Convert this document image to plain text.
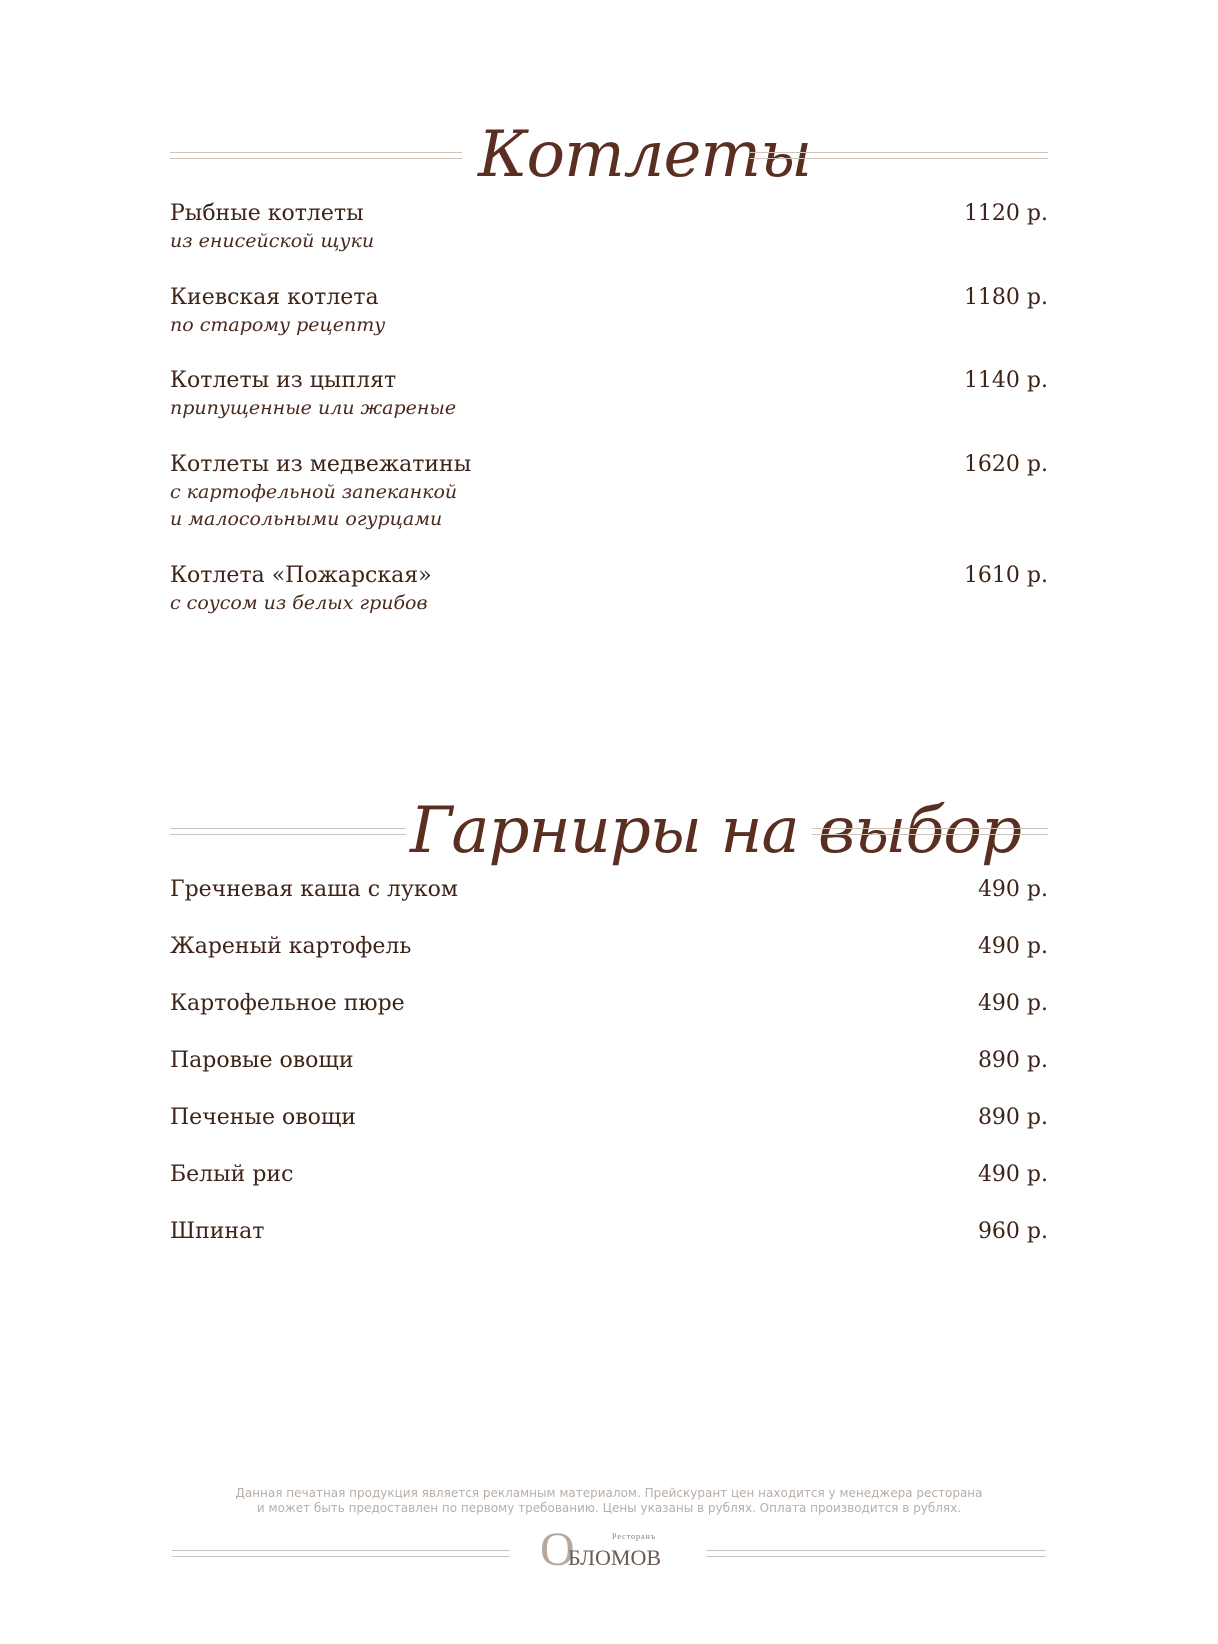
Котлеты
Рыбные котлеты
из енисейской щуки
1120 р.
Киевская котлета
по старому рецепту
1180 р.
Котлеты из цыплят
припущенные или жареные
1140 р.
Котлеты из медвежатины
с картофельной запеканкой
и малосольными огурцами
1620 р.
Котлета «Пожарская»
с соусом из белых грибов
1610 р.
Гарниры на выбор
Гречневая каша с луком	490 р.
Жареный картофель	490 р.
Картофельное пюре	490 р.
Паровые овощи	890 р.
Печеные овощи	890 р.
Белый рис	490 р.
Шпинат	960 р.
Данная печатная продукция является рекламным материалом. Прейскурант цен находится у менеджера ресторана
и может быть предоставлен по первому требованию. Цены указаны в рублях. Оплата производится в рублях.
О	Ресторанъ
БЛОМОВ
